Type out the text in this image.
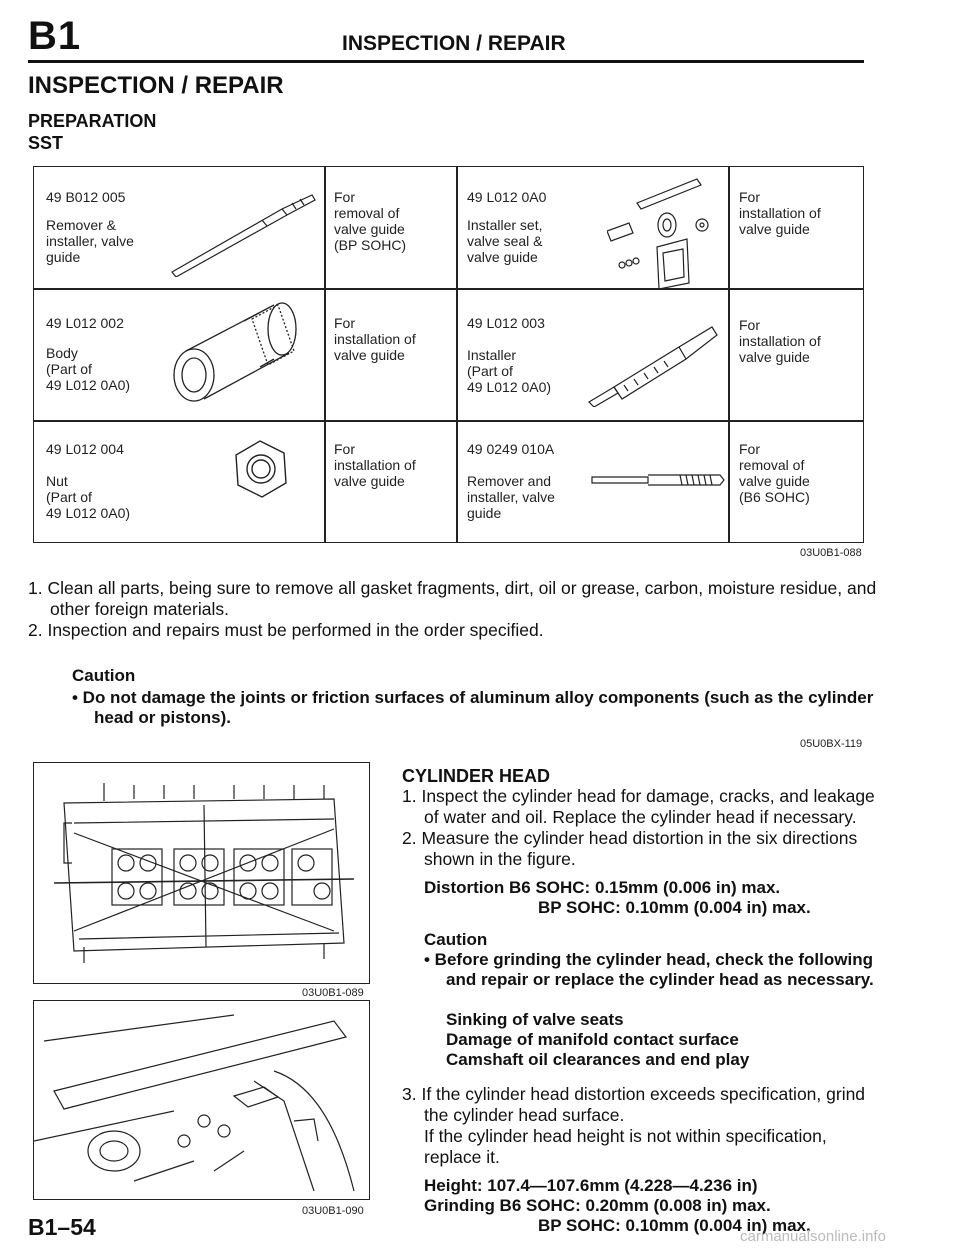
B1	INSPECTION / REPAIR
INSPECTION / REPAIR
PREPARATION
SST
49 B012 005
Remover &
installer, valve
guide
For
removal of
valve guide
(BP SOHC)
49 L012 0A0
Installer set,
valve seal &
valve guide
For
installation of
valve guide
49 L012 002
Body
(Part of
49 L012 0A0)
For
installation of
valve guide
49 L012 003
Installer
(Part of
49 L012 0A0)
For
installation of
valve guide
49 L012 004
Nut
(Part of
49 L012 0A0)
For
installation of
valve guide
49 0249 010A
Remover and
installer, valve
guide
For
removal of
valve guide
(B6 SOHC)
03U0B1-088
1. Clean all parts, being sure to remove all gasket fragments, dirt, oil or grease, carbon, moisture residue, and other foreign materials.
2. Inspection and repairs must be performed in the order specified.
Caution
• Do not damage the joints or friction surfaces of aluminum alloy components (such as the cylinder head or pistons).
05U0BX-119
03U0B1-089
03U0B1-090
CYLINDER HEAD
1. Inspect the cylinder head for damage, cracks, and leakage of water and oil. Replace the cylinder head if necessary.
2. Measure the cylinder head distortion in the six directions shown in the figure.
Distortion B6 SOHC: 0.15mm (0.006 in) max.
BP SOHC: 0.10mm (0.004 in) max.
Caution
• Before grinding the cylinder head, check the following and repair or replace the cylinder head as necessary.
Sinking of valve seats
Damage of manifold contact surface
Camshaft oil clearances and end play
3. If the cylinder head distortion exceeds specification, grind the cylinder head surface.
If the cylinder head height is not within specification, replace it.
Height: 107.4—107.6mm (4.228—4.236 in)
Grinding B6 SOHC: 0.20mm (0.008 in) max.
BP SOHC: 0.10mm (0.004 in) max.
B1–54	carmanualsonline.info
